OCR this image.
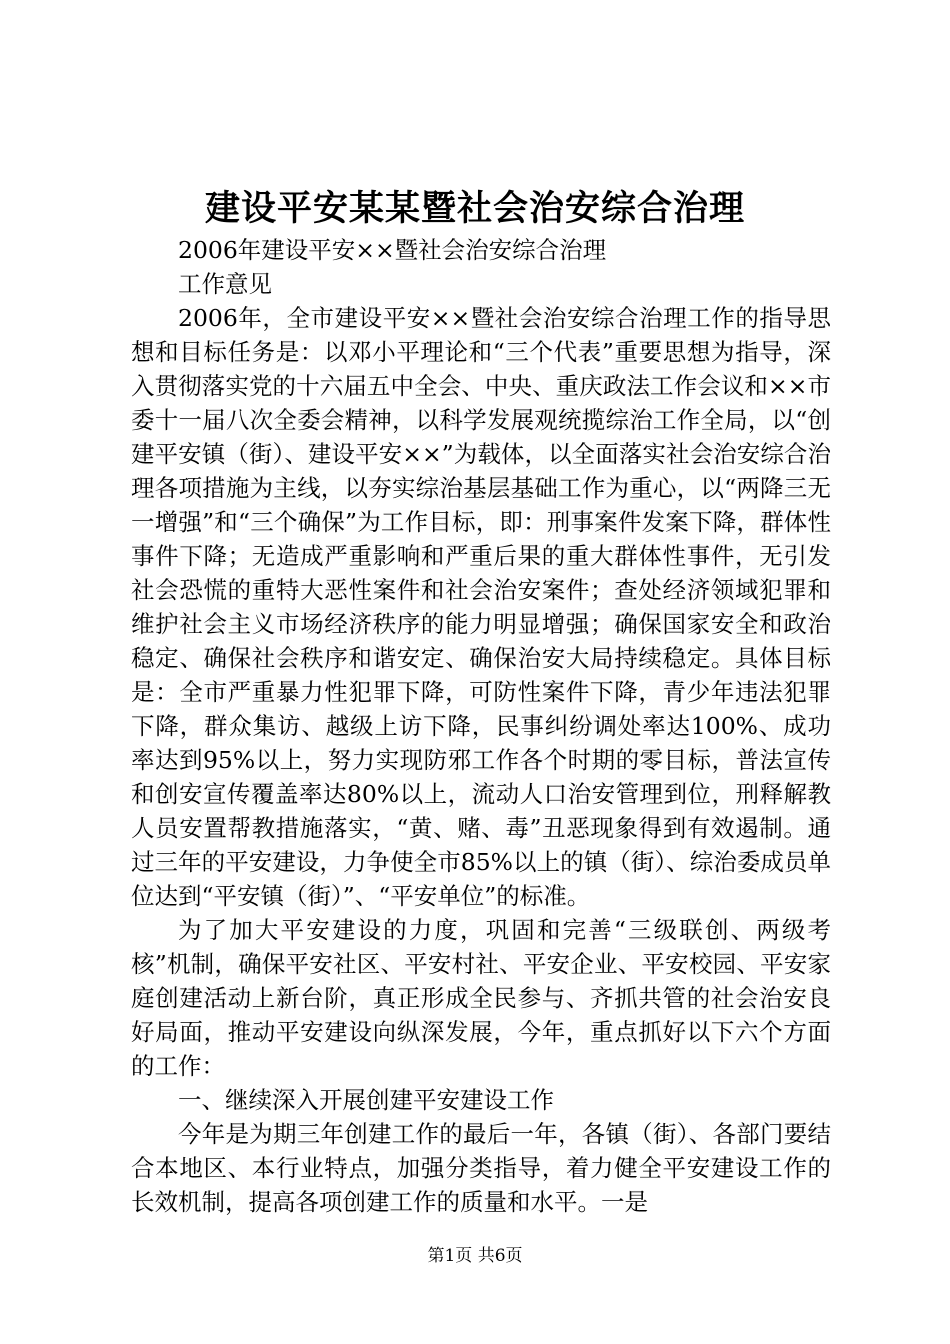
建设平安某某暨社会治安综合治理

2006年建设平安××暨社会治安综合治理

工作意见

2006年，全市建设平安××暨社会治安综合治理工作的指导思想和目标任务是：以邓小平理论和“三个代表”重要思想为指导，深入贯彻落实党的十六届五中全会、中央、重庆政法工作会议和××市委十一届八次全委会精神，以科学发展观统揽综治工作全局，以“创建平安镇（街）、建设平安××”为载体，以全面落实社会治安综合治理各项措施为主线，以夯实综治基层基础工作为重心，以“两降三无一增强”和“三个确保”为工作目标，即：刑事案件发案下降，群体性事件下降；无造成严重影响和严重后果的重大群体性事件，无引发社会恐慌的重特大恶性案件和社会治安案件；查处经济领域犯罪和维护社会主义市场经济秩序的能力明显增强；确保国家安全和政治稳定、确保社会秩序和谐安定、确保治安大局持续稳定。具体目标是：全市严重暴力性犯罪下降，可防性案件下降，青少年违法犯罪下降，群众集访、越级上访下降，民事纠纷调处率达100%、成功率达到95%以上，努力实现防邪工作各个时期的零目标，普法宣传和创安宣传覆盖率达80%以上，流动人口治安管理到位，刑释解教人员安置帮教措施落实，“黄、赌、毒”丑恶现象得到有效遏制。通过三年的平安建设，力争使全市85%以上的镇（街）、综治委成员单位达到“平安镇（街）”、“平安单位”的标准。

为了加大平安建设的力度，巩固和完善“三级联创、两级考核”机制，确保平安社区、平安村社、平安企业、平安校园、平安家庭创建活动上新台阶，真正形成全民参与、齐抓共管的社会治安良好局面，推动平安建设向纵深发展，今年，重点抓好以下六个方面的工作：

一、继续深入开展创建平安建设工作

今年是为期三年创建工作的最后一年，各镇（街）、各部门要结合本地区、本行业特点，加强分类指导，着力健全平安建设工作的长效机制，提高各项创建工作的质量和水平。一是

第1页 共6页
